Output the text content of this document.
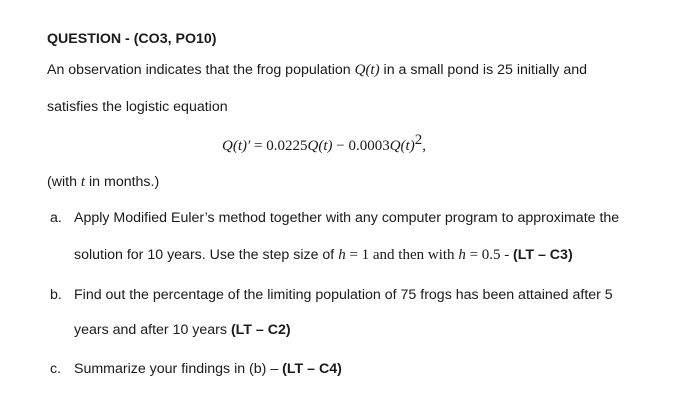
QUESTION - (CO3, PO10)
An observation indicates that the frog population Q(t) in a small pond is 25 initially and
satisfies the logistic equation
$Q(t)' = 0.0225Q(t) - 0.0003Q(t)^2$,
(with t in months.)
a. Apply Modified Euler’s method together with any computer program to approximate the
solution for 10 years. Use the step size of h = 1 and then with h = 0.5 - (LT – C3)
b. Find out the percentage of the limiting population of 75 frogs has been attained after 5
years and after 10 years (LT – C2)
c. Summarize your findings in (b) – (LT – C4)
